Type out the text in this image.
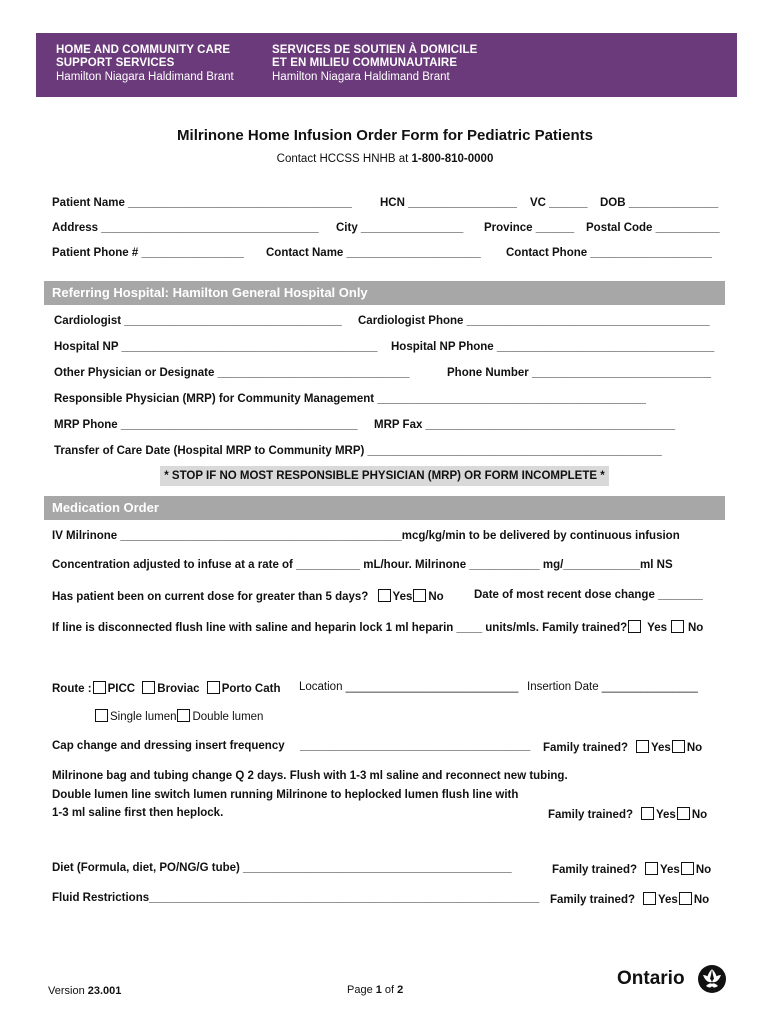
HOME AND COMMUNITY CARE
SUPPORT SERVICES
Hamilton Niagara Haldimand Brant
SERVICES DE SOUTIEN À DOMICILE
ET EN MILIEU COMMUNAUTAIRE
Hamilton Niagara Haldimand Brant
Milrinone Home Infusion Order Form for Pediatric Patients
Contact HCCSS HNHB at 1-800-810-0000
Patient Name ___________________________________ HCN _________________ VC ______ DOB ______________
Address __________________________________ City ________________ Province ______ Postal Code __________
Patient Phone # ________________ Contact Name _____________________ Contact Phone ___________________
Referring Hospital: Hamilton General Hospital Only
Cardiologist __________________________________ Cardiologist Phone ______________________________________
Hospital NP ________________________________________ Hospital NP Phone __________________________________
Other Physician or Designate ______________________________	Phone Number ____________________________
Responsible Physician (MRP) for Community Management __________________________________________
MRP Phone _____________________________________ MRP Fax _______________________________________
Transfer of Care Date (Hospital MRP to Community MRP) ______________________________________________
* STOP IF NO MOST RESPONSIBLE PHYSICIAN (MRP) OR FORM INCOMPLETE *
Medication Order
IV Milrinone ____________________________________________mcg/kg/min to be delivered by continuous infusion
Concentration adjusted to infuse at a rate of __________ mL/hour. Milrinone ___________ mg/____________ml NS
Has patient been on current dose for greater than 5 days? Yes No	Date of most recent dose change _______
If line is disconnected flush line with saline and heparin lock 1 ml heparin ____ units/mls. Family trained? Yes No
Route : PICC Broviac Porto Cath Location ___________________________ Insertion Date _______________
Single lumen Double lumen
Cap change and dressing insert frequency ____________________________________ Family trained? Yes No
Milrinone bag and tubing change Q 2 days. Flush with 1-3 ml saline and reconnect new tubing.
Double lumen line switch lumen running Milrinone to heplocked lumen flush line with
1-3 ml saline first then heplock.	Family trained? Yes No
Diet (Formula, diet, PO/NG/G tube) __________________________________________	Family trained? Yes No
Fluid Restrictions_____________________________________________________________ Family trained? Yes No
Version 23.001	Page 1 of 2
Ontario
